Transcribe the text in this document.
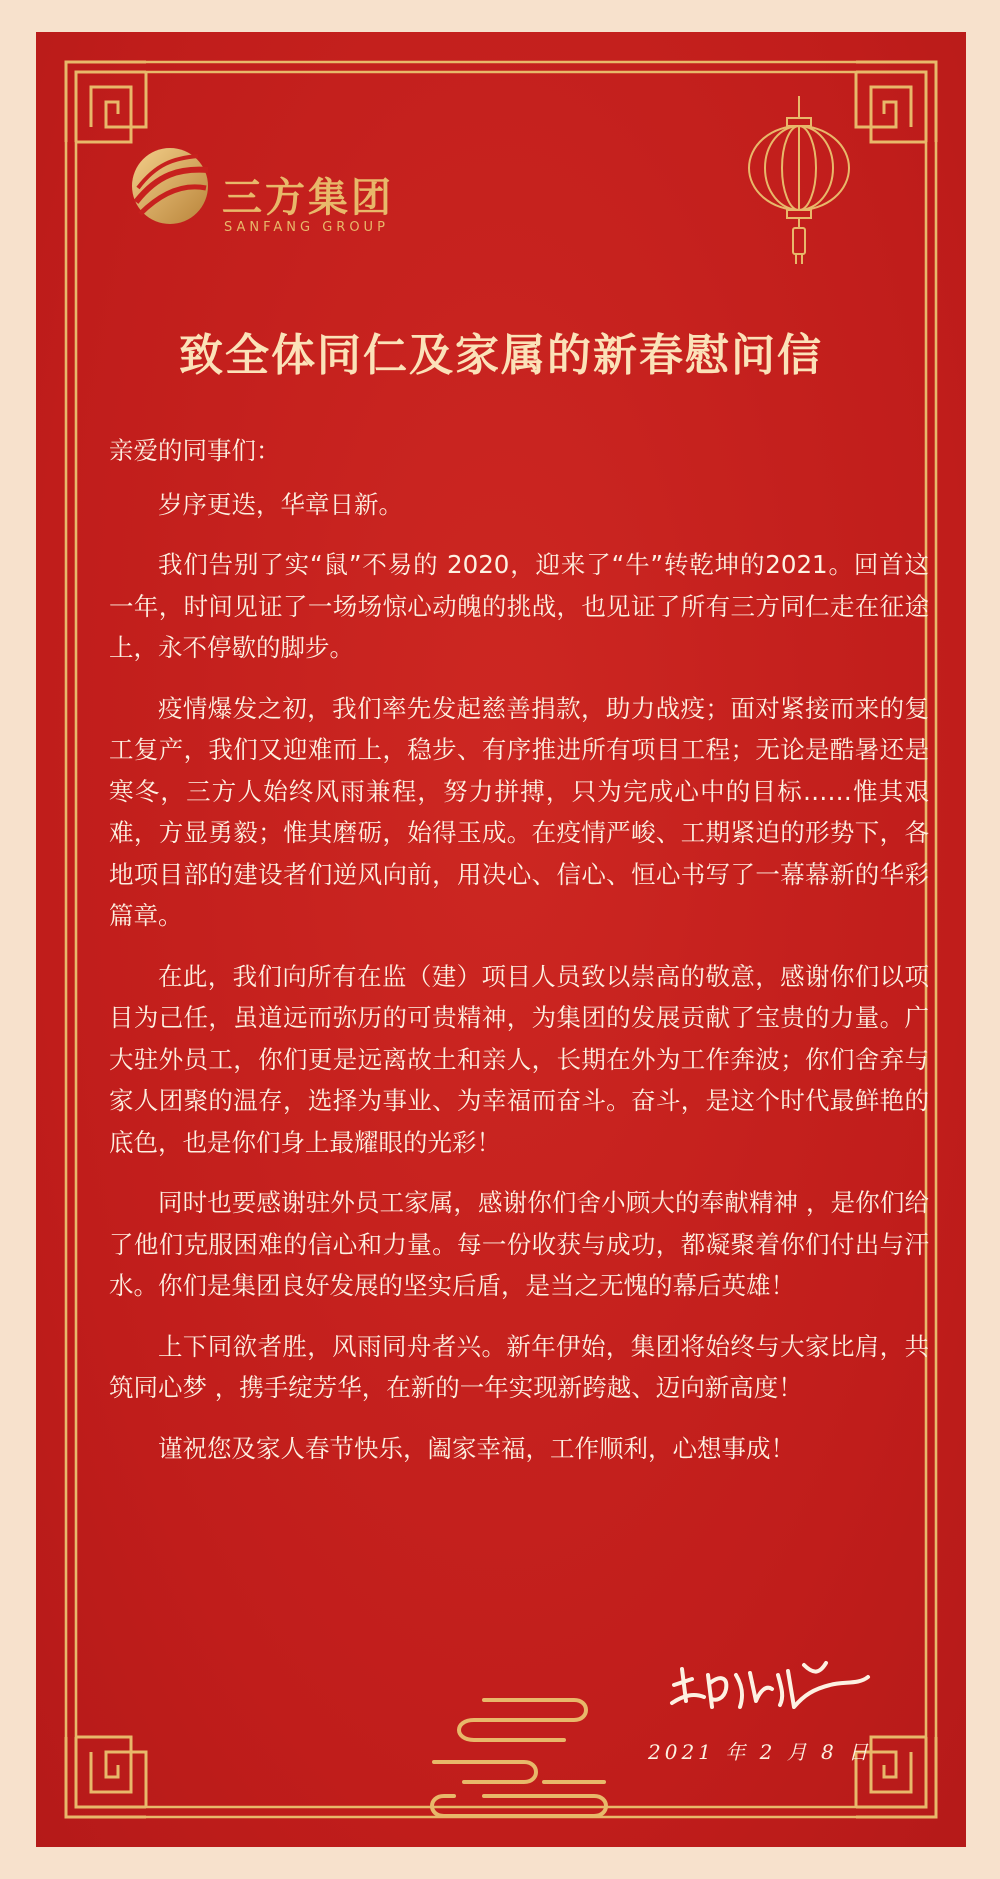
三方集团
SANFANG GROUP
致全体同仁及家属的新春慰问信

亲爱的同事们：

岁序更迭，华章日新。

我们告别了实“鼠”不易的 2020，迎来了“牛”转乾坤的2021。回首这一年，时间见证了一场场惊心动魄的挑战，也见证了所有三方同仁走在征途上，永不停歇的脚步。

疫情爆发之初，我们率先发起慈善捐款，助力战疫；面对紧接而来的复工复产，我们又迎难而上，稳步、有序推进所有项目工程；无论是酷暑还是寒冬，三方人始终风雨兼程，努力拼搏，只为完成心中的目标……惟其艰难，方显勇毅；惟其磨砺，始得玉成。在疫情严峻、工期紧迫的形势下，各地项目部的建设者们逆风向前，用决心、信心、恒心书写了一幕幕新的华彩篇章。

在此，我们向所有在监（建）项目人员致以崇高的敬意，感谢你们以项目为己任，虽道远而弥历的可贵精神，为集团的发展贡献了宝贵的力量。广大驻外员工，你们更是远离故土和亲人，长期在外为工作奔波；你们舍弃与家人团聚的温存，选择为事业、为幸福而奋斗。奋斗，是这个时代最鲜艳的底色，也是你们身上最耀眼的光彩！

同时也要感谢驻外员工家属，感谢你们舍小顾大的奉献精神 ，是你们给了他们克服困难的信心和力量。每一份收获与成功，都凝聚着你们付出与汗水。你们是集团良好发展的坚实后盾，是当之无愧的幕后英雄！

上下同欲者胜，风雨同舟者兴。新年伊始，集团将始终与大家比肩，共筑同心梦 ，携手绽芳华，在新的一年实现新跨越、迈向新高度！

谨祝您及家人春节快乐，阖家幸福，工作顺利，心想事成！

2021 年 2 月 8 日
